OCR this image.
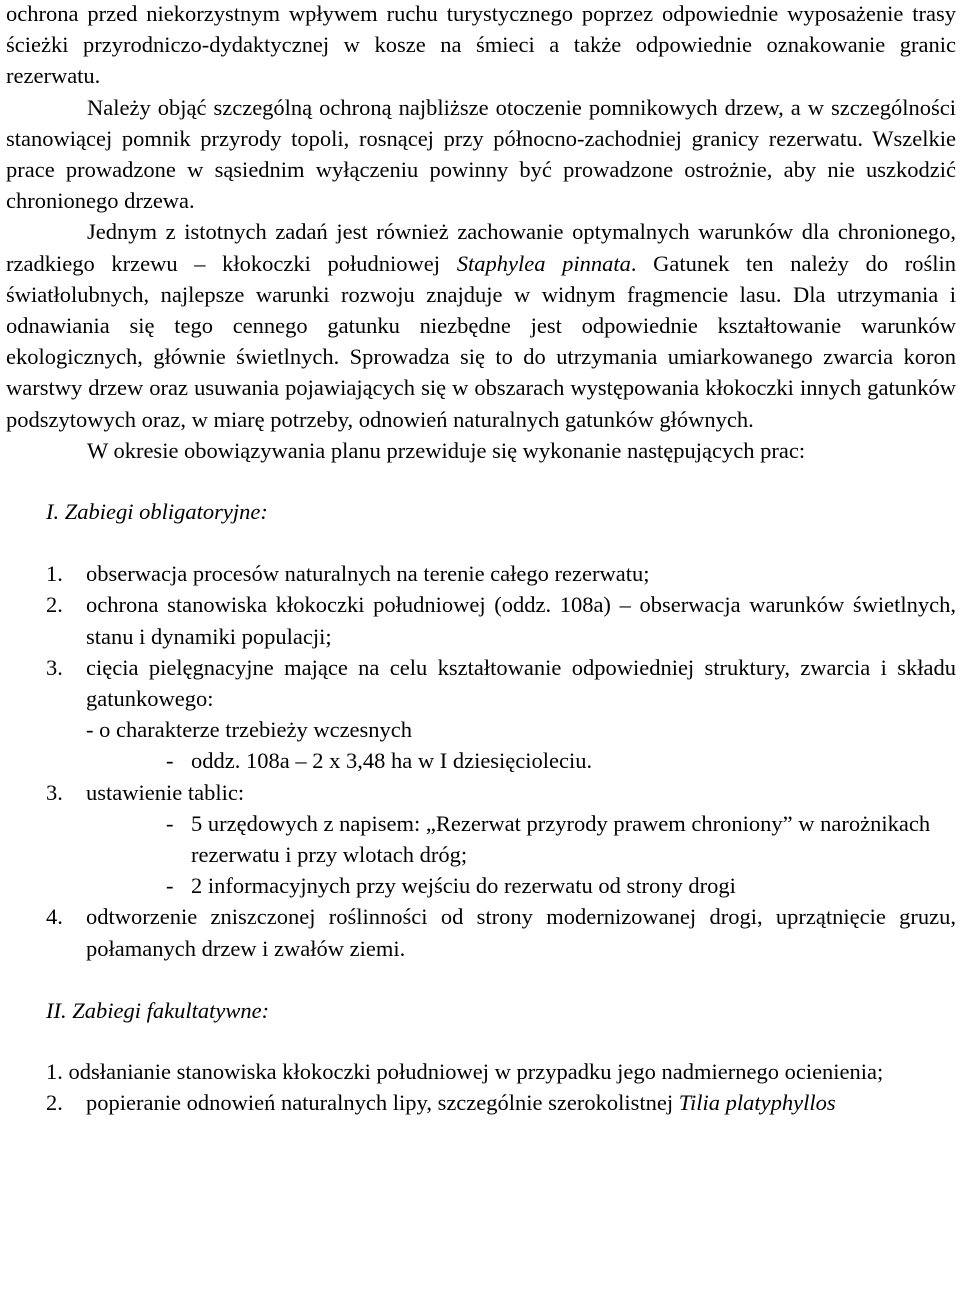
ochrona przed niekorzystnym wpływem ruchu turystycznego poprzez odpowiednie wyposażenie trasy ścieżki przyrodniczo-dydaktycznej w kosze na śmieci a także odpowiednie oznakowanie granic rezerwatu.

Należy objąć szczególną ochroną najbliższe otoczenie pomnikowych drzew, a w szczególności stanowiącej pomnik przyrody topoli, rosnącej przy północno-zachodniej granicy rezerwatu. Wszelkie prace prowadzone w sąsiednim wyłączeniu powinny być prowadzone ostrożnie, aby nie uszkodzić chronionego drzewa.

Jednym z istotnych zadań jest również zachowanie optymalnych warunków dla chronionego, rzadkiego krzewu – kłokoczki południowej Staphylea pinnata. Gatunek ten należy do roślin światłolubnych, najlepsze warunki rozwoju znajduje w widnym fragmencie lasu. Dla utrzymania i odnawiania się tego cennego gatunku niezbędne jest odpowiednie kształtowanie warunków ekologicznych, głównie świetlnych. Sprowadza się to do utrzymania umiarkowanego zwarcia koron warstwy drzew oraz usuwania pojawiających się w obszarach występowania kłokoczki innych gatunków podszytowych oraz, w miarę potrzeby, odnowień naturalnych gatunków głównych.

W okresie obowiązywania planu przewiduje się wykonanie następujących prac:

I. Zabiegi obligatoryjne:

1. obserwacja procesów naturalnych na terenie całego rezerwatu;

2. ochrona stanowiska kłokoczki południowej (oddz. 108a) – obserwacja warunków świetlnych, stanu i dynamiki populacji;

3. cięcia pielęgnacyjne mające na celu kształtowanie odpowiedniej struktury, zwarcia i składu gatunkowego:

- o charakterze trzebieży wczesnych

- oddz. 108a – 2 x 3,48 ha w I dziesięcioleciu.

3. ustawienie tablic:

- 5 urzędowych z napisem: „Rezerwat przyrody prawem chroniony” w narożnikach rezerwatu i przy wlotach dróg;

- 2 informacyjnych przy wejściu do rezerwatu od strony drogi

4. odtworzenie zniszczonej roślinności od strony modernizowanej drogi, uprzątnięcie gruzu, połamanych drzew i zwałów ziemi.

II. Zabiegi fakultatywne:

1. odsłanianie stanowiska kłokoczki południowej w przypadku jego nadmiernego ocienienia;

2. popieranie odnowień naturalnych lipy, szczególnie szerokolistnej Tilia platyphyllos
